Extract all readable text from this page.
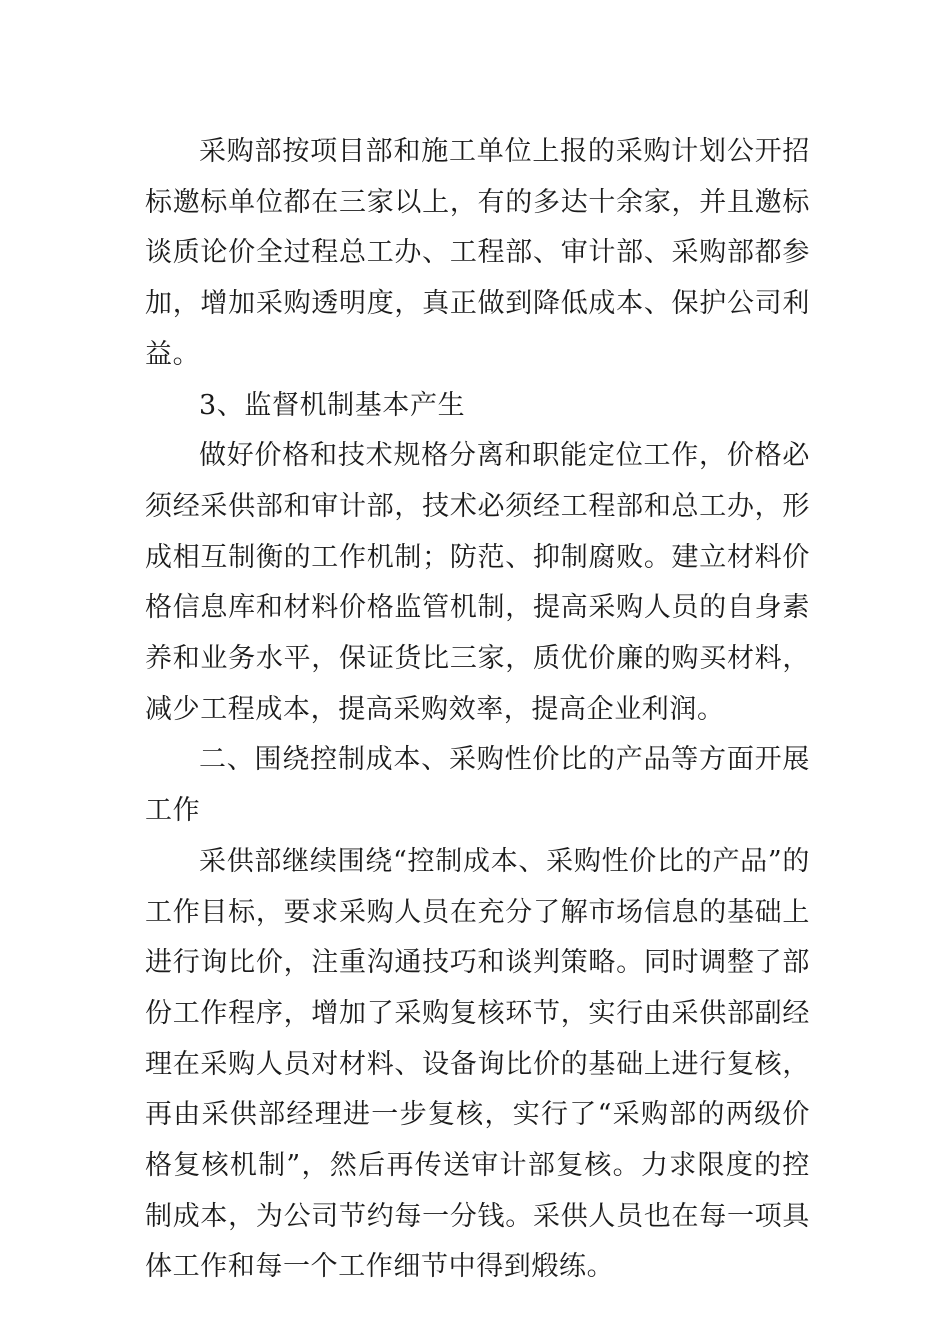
采购部按项目部和施工单位上报的采购计划公开招标邀标单位都在三家以上，有的多达十余家，并且邀标谈质论价全过程总工办、工程部、审计部、采购部都参加，增加采购透明度，真正做到降低成本、保护公司利益。

3、监督机制基本产生

做好价格和技术规格分离和职能定位工作，价格必须经采供部和审计部，技术必须经工程部和总工办，形成相互制衡的工作机制；防范、抑制腐败。建立材料价格信息库和材料价格监管机制，提高采购人员的自身素养和业务水平，保证货比三家，质优价廉的购买材料，减少工程成本，提高采购效率，提高企业利润。

二、围绕控制成本、采购性价比的产品等方面开展工作

采供部继续围绕“控制成本、采购性价比的产品”的工作目标，要求采购人员在充分了解市场信息的基础上进行询比价，注重沟通技巧和谈判策略。同时调整了部份工作程序，增加了采购复核环节，实行由采供部副经理在采购人员对材料、设备询比价的基础上进行复核，再由采供部经理进一步复核，实行了“采购部的两级价格复核机制”，然后再传送审计部复核。力求限度的控制成本，为公司节约每一分钱。采供人员也在每一项具体工作和每一个工作细节中得到煅练。
